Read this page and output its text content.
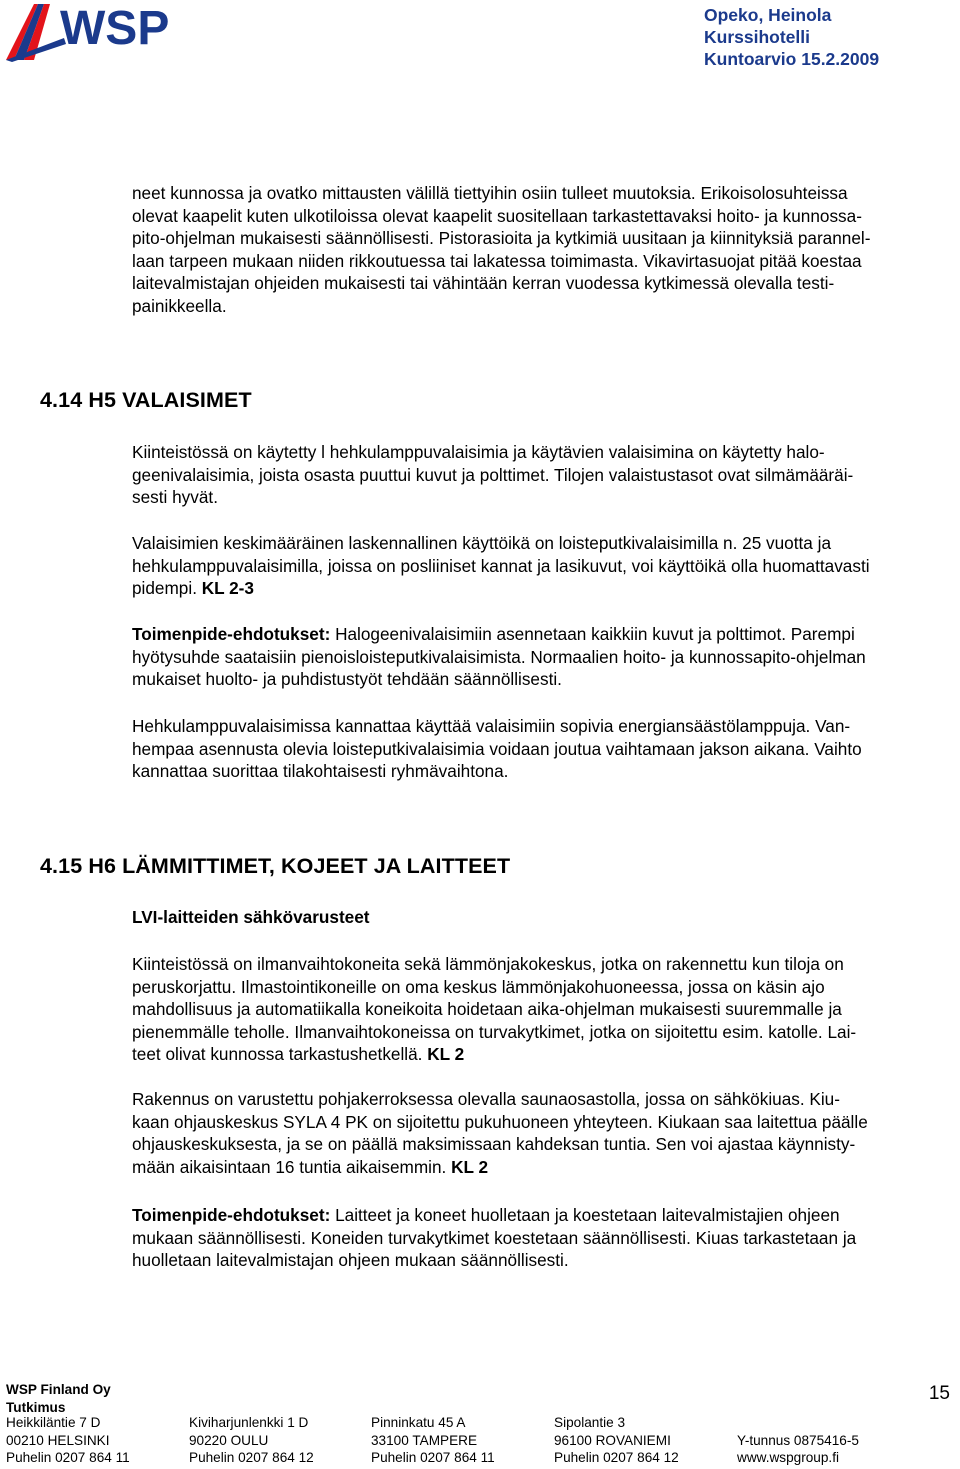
WSP	Opeko, Heinola
Kurssihotelli
Kuntoarvio 15.2.2009
neet kunnossa ja ovatko mittausten välillä tiettyihin osiin tulleet muutoksia. Erikoisolosuhteissa
olevat kaapelit kuten ulkotiloissa olevat kaapelit suositellaan tarkastettavaksi hoito- ja kunnossa-
pito-ohjelman mukaisesti säännöllisesti. Pistorasioita ja kytkimiä uusitaan ja kiinnityksiä parannel-
laan tarpeen mukaan niiden rikkoutuessa tai lakatessa toimimasta. Vikavirtasuojat pitää koestaa
laitevalmistajan ohjeiden mukaisesti tai vähintään kerran vuodessa kytkimessä olevalla testi-
painikkeella.
4.14 H5 VALAISIMET
Kiinteistössä on käytetty l hehkulamppuvalaisimia ja käytävien valaisimina on käytetty halo-
geenivalaisimia, joista osasta puuttui kuvut ja polttimet. Tilojen valaistustasot ovat silmämääräi-
sesti hyvät.
Valaisimien keskimääräinen laskennallinen käyttöikä on loisteputkivalaisimilla n. 25 vuotta ja
hehkulamppuvalaisimilla, joissa on posliiniset kannat ja lasikuvut, voi käyttöikä olla huomattavasti
pidempi. KL 2-3
Toimenpide-ehdotukset: Halogeenivalaisimiin asennetaan kaikkiin kuvut ja polttimot. Parempi
hyötysuhde saataisiin pienoisloisteputkivalaisimista. Normaalien hoito- ja kunnossapito-ohjelman
mukaiset huolto- ja puhdistustyöt tehdään säännöllisesti.
Hehkulamppuvalaisimissa kannattaa käyttää valaisimiin sopivia energiansäästölamppuja. Van-
hempaa asennusta olevia loisteputkivalaisimia voidaan joutua vaihtamaan jakson aikana. Vaihto
kannattaa suorittaa tilakohtaisesti ryhmävaihtona.
4.15 H6 LÄMMITTIMET, KOJEET JA LAITTEET
LVI-laitteiden sähkövarusteet
Kiinteistössä on ilmanvaihtokoneita sekä lämmönjakokeskus, jotka on rakennettu kun tiloja on
peruskorjattu. Ilmastointikoneille on oma keskus lämmönjakohuoneessa, jossa on käsin ajo
mahdollisuus ja automatiikalla koneikoita hoidetaan aika-ohjelman mukaisesti suuremmalle ja
pienemmälle teholle. Ilmanvaihtokoneissa on turvakytkimet, jotka on sijoitettu esim. katolle. Lai-
teet olivat kunnossa tarkastushetkellä. KL 2
Rakennus on varustettu pohjakerroksessa olevalla saunaosastolla, jossa on sähkökiuas. Kiu-
kaan ohjauskeskus SYLA 4 PK on sijoitettu pukuhuoneen yhteyteen. Kiukaan saa laitettua päälle
ohjauskeskuksesta, ja se on päällä maksimissaan kahdeksan tuntia. Sen voi ajastaa käynnisty-
mään aikaisintaan 16 tuntia aikaisemmin. KL 2
Toimenpide-ehdotukset: Laitteet ja koneet huolletaan ja koestetaan laitevalmistajien ohjeen
mukaan säännöllisesti. Koneiden turvakytkimet koestetaan säännöllisesti. Kiuas tarkastetaan ja
huolletaan laitevalmistajan ohjeen mukaan säännöllisesti.
WSP Finland Oy
Tutkimus
15
Heikkiläntie 7 D
00210 HELSINKI
Puhelin 0207 864 11
Kiviharjunlenkki 1 D
90220 OULU
Puhelin 0207 864 12
Pinninkatu 45 A
33100 TAMPERE
Puhelin 0207 864 11
Sipolantie 3
96100 ROVANIEMI
Puhelin 0207 864 12

Y-tunnus 0875416-5
www.wspgroup.fi
